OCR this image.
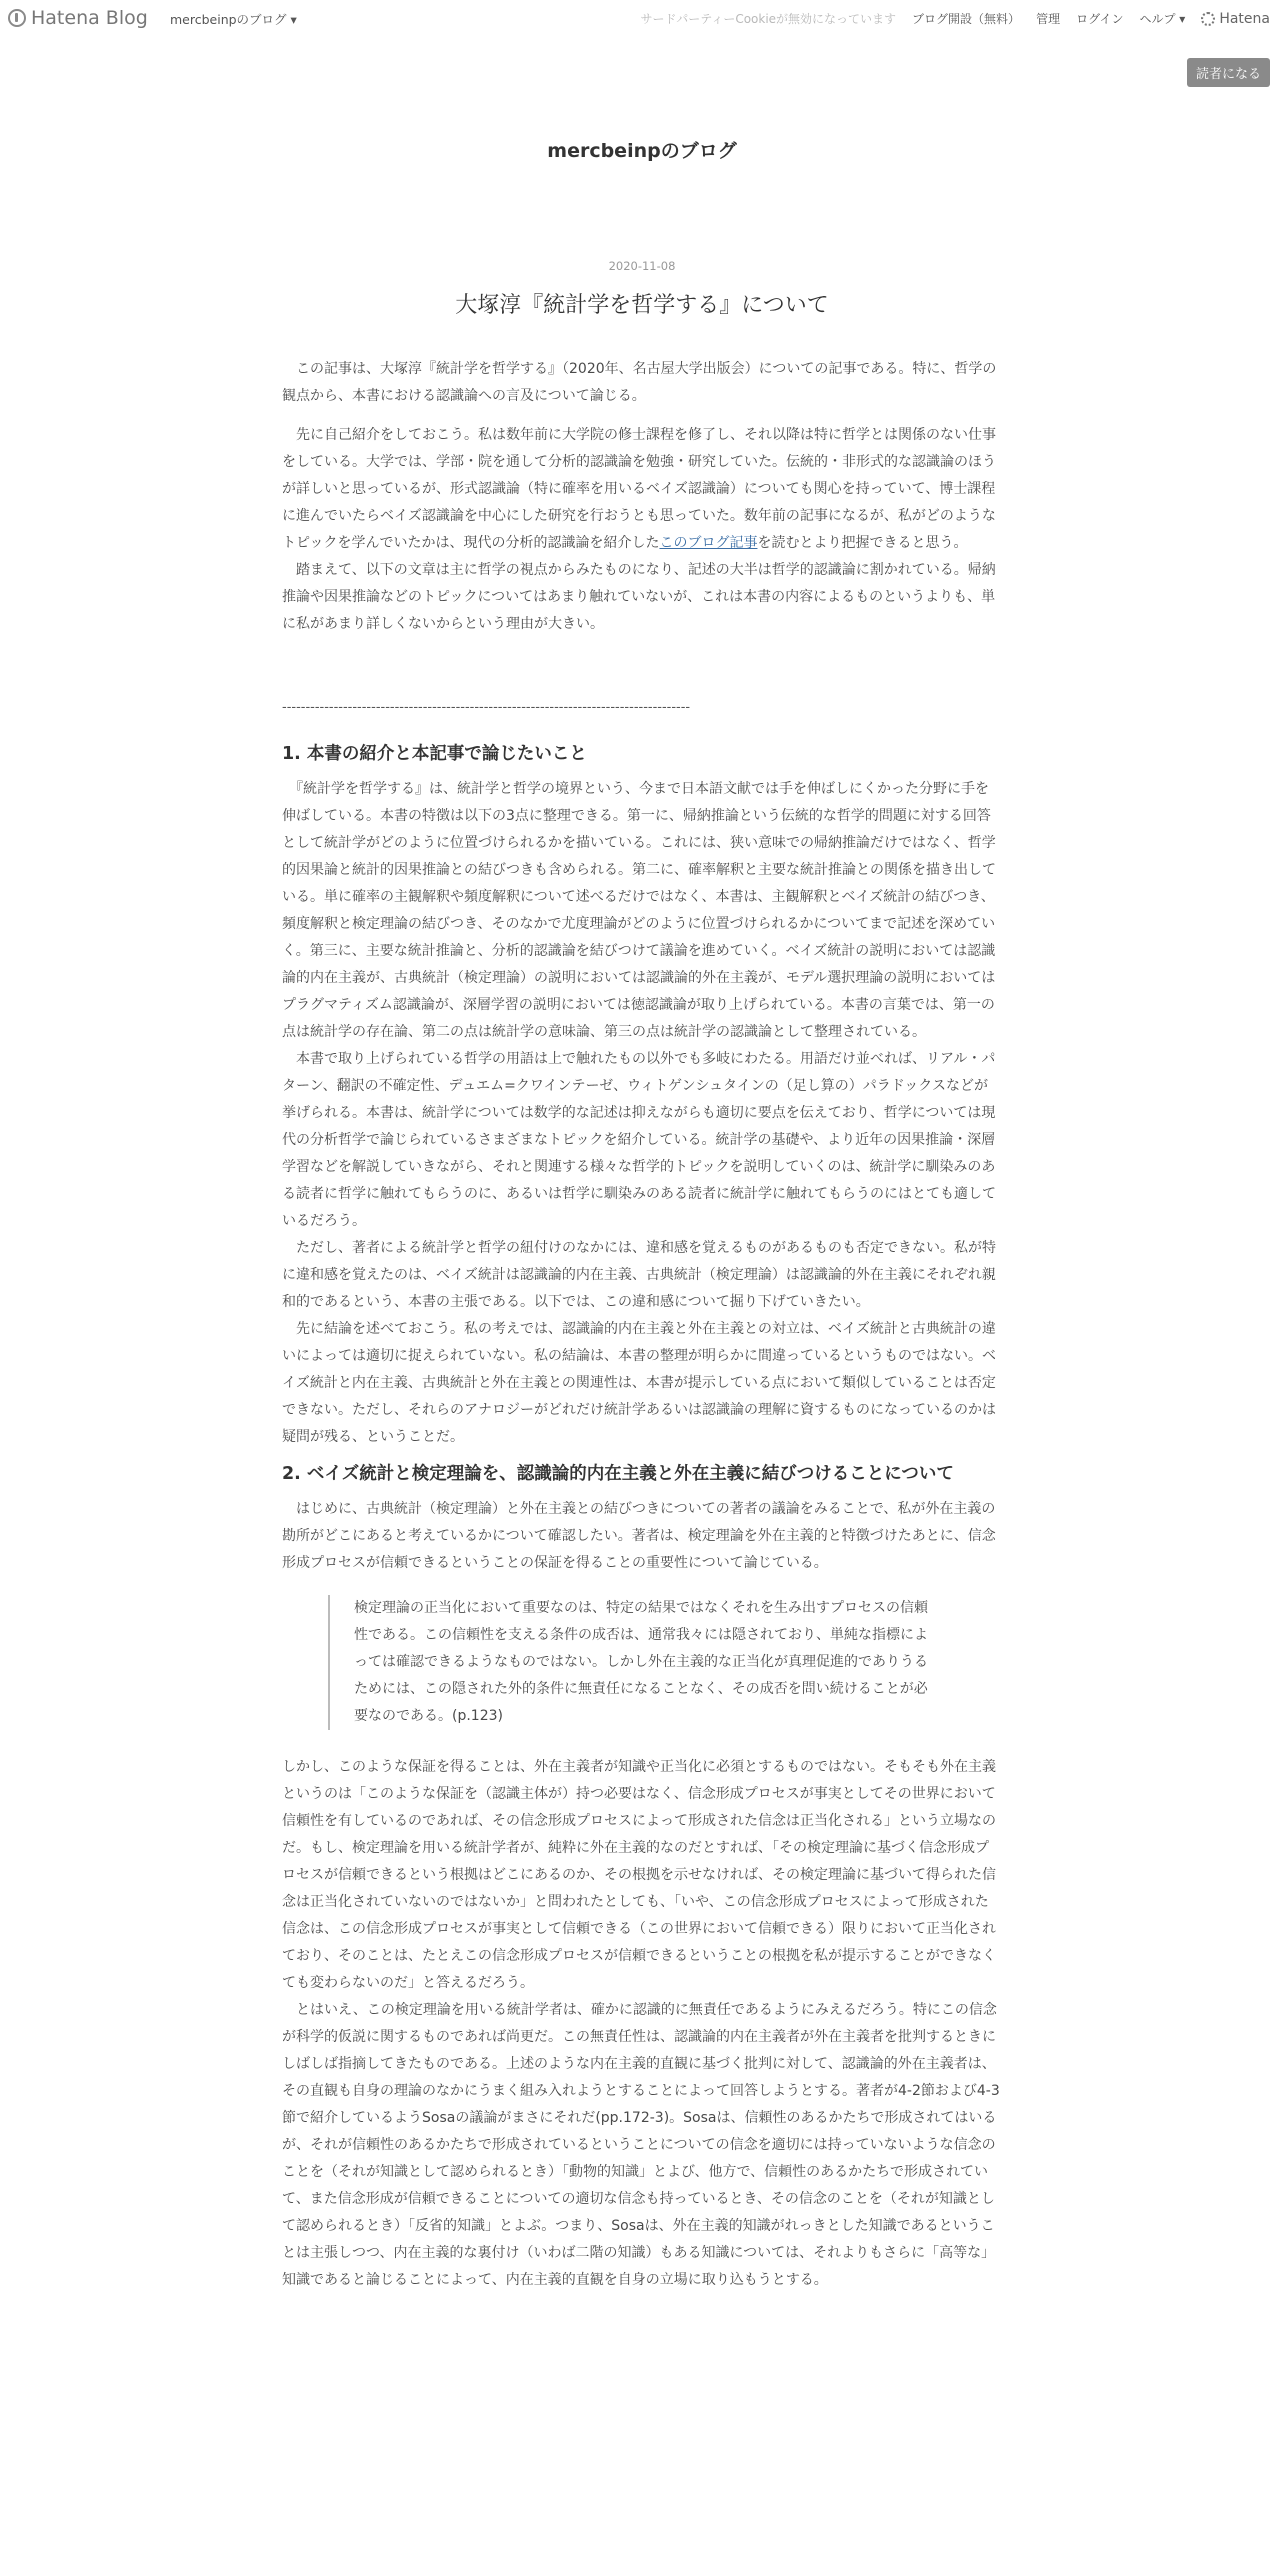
Hatena Blog mercbeinpのブログ ▾	サードパーティーCookieが無効になっています ブログ開設（無料） 管理 ログイン ヘルプ ▾ Hatena
読者になる
mercbeinpのブログ
2020-11-08
大塚淳『統計学を哲学する』について

　この記事は、大塚淳『統計学を哲学する』（2020年、名古屋大学出版会）についての記事である。特に、哲学の観点から、本書における認識論への言及について論じる。

　先に自己紹介をしておこう。私は数年前に大学院の修士課程を修了し、それ以降は特に哲学とは関係のない仕事をしている。大学では、学部・院を通して分析的認識論を勉強・研究していた。伝統的・非形式的な認識論のほうが詳しいと思っているが、形式認識論（特に確率を用いるベイズ認識論）についても関心を持っていて、博士課程に進んでいたらベイズ認識論を中心にした研究を行おうとも思っていた。数年前の記事になるが、私がどのようなトピックを学んでいたかは、現代の分析的認識論を紹介したこのブログ記事を読むとより把握できると思う。

　踏まえて、以下の文章は主に哲学の視点からみたものになり、記述の大半は哲学的認識論に割かれている。帰納推論や因果推論などのトピックについてはあまり触れていないが、これは本書の内容によるものというよりも、単に私があまり詳しくないからという理由が大きい。

---------------------------------------------------------------------------------------
1. 本書の紹介と本記事で論じたいこと

　『統計学を哲学する』は、統計学と哲学の境界という、今まで日本語文献では手を伸ばしにくかった分野に手を伸ばしている。本書の特徴は以下の3点に整理できる。第一に、帰納推論という伝統的な哲学的問題に対する回答として統計学がどのように位置づけられるかを描いている。これには、狭い意味での帰納推論だけではなく、哲学的因果論と統計的因果推論との結びつきも含められる。第二に、確率解釈と主要な統計推論との関係を描き出している。単に確率の主観解釈や頻度解釈について述べるだけではなく、本書は、主観解釈とベイズ統計の結びつき、頻度解釈と検定理論の結びつき、そのなかで尤度理論がどのように位置づけられるかについてまで記述を深めていく。第三に、主要な統計推論と、分析的認識論を結びつけて議論を進めていく。ベイズ統計の説明においては認識論的内在主義が、古典統計（検定理論）の説明においては認識論的外在主義が、モデル選択理論の説明においてはプラグマティズム認識論が、深層学習の説明においては徳認識論が取り上げられている。本書の言葉では、第一の点は統計学の存在論、第二の点は統計学の意味論、第三の点は統計学の認識論として整理されている。

　本書で取り上げられている哲学の用語は上で触れたもの以外でも多岐にわたる。用語だけ並べれば、リアル・パターン、翻訳の不確定性、デュエム=クワインテーゼ、ウィトゲンシュタインの（足し算の）パラドックスなどが挙げられる。本書は、統計学については数学的な記述は抑えながらも適切に要点を伝えており、哲学については現代の分析哲学で論じられているさまざまなトピックを紹介している。統計学の基礎や、より近年の因果推論・深層学習などを解説していきながら、それと関連する様々な哲学的トピックを説明していくのは、統計学に馴染みのある読者に哲学に触れてもらうのに、あるいは哲学に馴染みのある読者に統計学に触れてもらうのにはとても適しているだろう。

　ただし、著者による統計学と哲学の紐付けのなかには、違和感を覚えるものがあるものも否定できない。私が特に違和感を覚えたのは、ベイズ統計は認識論的内在主義、古典統計（検定理論）は認識論的外在主義にそれぞれ親和的であるという、本書の主張である。以下では、この違和感について掘り下げていきたい。

　先に結論を述べておこう。私の考えでは、認識論的内在主義と外在主義との対立は、ベイズ統計と古典統計の違いによっては適切に捉えられていない。私の結論は、本書の整理が明らかに間違っているというものではない。ベイズ統計と内在主義、古典統計と外在主義との関連性は、本書が提示している点において類似していることは否定できない。ただし、それらのアナロジーがどれだけ統計学あるいは認識論の理解に資するものになっているのかは疑問が残る、ということだ。

2. ベイズ統計と検定理論を、認識論的内在主義と外在主義に結びつけることについて

　はじめに、古典統計（検定理論）と外在主義との結びつきについての著者の議論をみることで、私が外在主義の勘所がどこにあると考えているかについて確認したい。著者は、検定理論を外在主義的と特徴づけたあとに、信念形成プロセスが信頼できるということの保証を得ることの重要性について論じている。

検定理論の正当化において重要なのは、特定の結果ではなくそれを生み出すプロセスの信頼性である。この信頼性を支える条件の成否は、通常我々には隠されており、単純な指標によっては確認できるようなものではない。しかし外在主義的な正当化が真理促進的でありうるためには、この隠された外的条件に無責任になることなく、その成否を問い続けることが必要なのである。(p.123)

しかし、このような保証を得ることは、外在主義者が知識や正当化に必須とするものではない。そもそも外在主義というのは「このような保証を（認識主体が）持つ必要はなく、信念形成プロセスが事実としてその世界において信頼性を有しているのであれば、その信念形成プロセスによって形成された信念は正当化される」という立場なのだ。もし、検定理論を用いる統計学者が、純粋に外在主義的なのだとすれば、「その検定理論に基づく信念形成プロセスが信頼できるという根拠はどこにあるのか、その根拠を示せなければ、その検定理論に基づいて得られた信念は正当化されていないのではないか」と問われたとしても、「いや、この信念形成プロセスによって形成された信念は、この信念形成プロセスが事実として信頼できる（この世界において信頼できる）限りにおいて正当化されており、そのことは、たとえこの信念形成プロセスが信頼できるということの根拠を私が提示することができなくても変わらないのだ」と答えるだろう。

　とはいえ、この検定理論を用いる統計学者は、確かに認識的に無責任であるようにみえるだろう。特にこの信念が科学的仮説に関するものであれば尚更だ。この無責任性は、認識論的内在主義者が外在主義者を批判するときにしばしば指摘してきたものである。上述のような内在主義的直観に基づく批判に対して、認識論的外在主義者は、その直観も自身の理論のなかにうまく組み入れようとすることによって回答しようとする。著者が4-2節および4-3節で紹介しているようSosaの議論がまさにそれだ(pp.172-3)。Sosaは、信頼性のあるかたちで形成されてはいるが、それが信頼性のあるかたちで形成されているということについての信念を適切には持っていないような信念のことを（それが知識として認められるとき）「動物的知識」とよび、他方で、信頼性のあるかたちで形成されていて、また信念形成が信頼できることについての適切な信念も持っているとき、その信念のことを（それが知識として認められるとき）「反省的知識」とよぶ。つまり、Sosaは、外在主義的知識がれっきとした知識であるということは主張しつつ、内在主義的な裏付け（いわば二階の知識）もある知識については、それよりもさらに「高等な」知識であると論じることによって、内在主義的直観を自身の立場に取り込もうとする。
